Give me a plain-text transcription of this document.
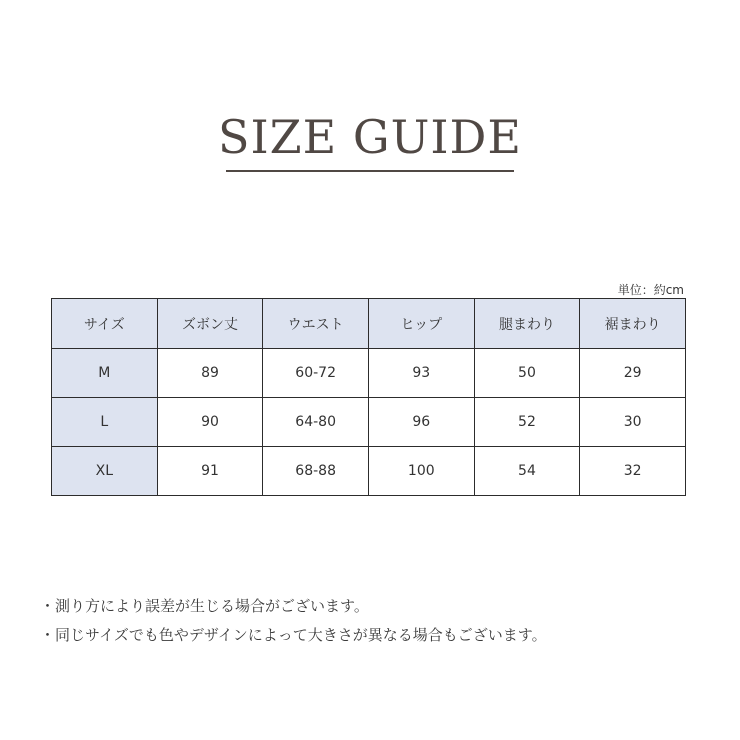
SIZE GUIDE
単位：約cm
サイズ	ズボン丈	ウエスト	ヒップ	腿まわり	裾まわり
M	89	60-72	93	50	29
L	90	64-80	96	52	30
XL	91	68-88	100	54	32
・ 測り方により誤差が生じる場合がございます。
・ 同じサイズでも色やデザインによって大きさが異なる場合もございます。
